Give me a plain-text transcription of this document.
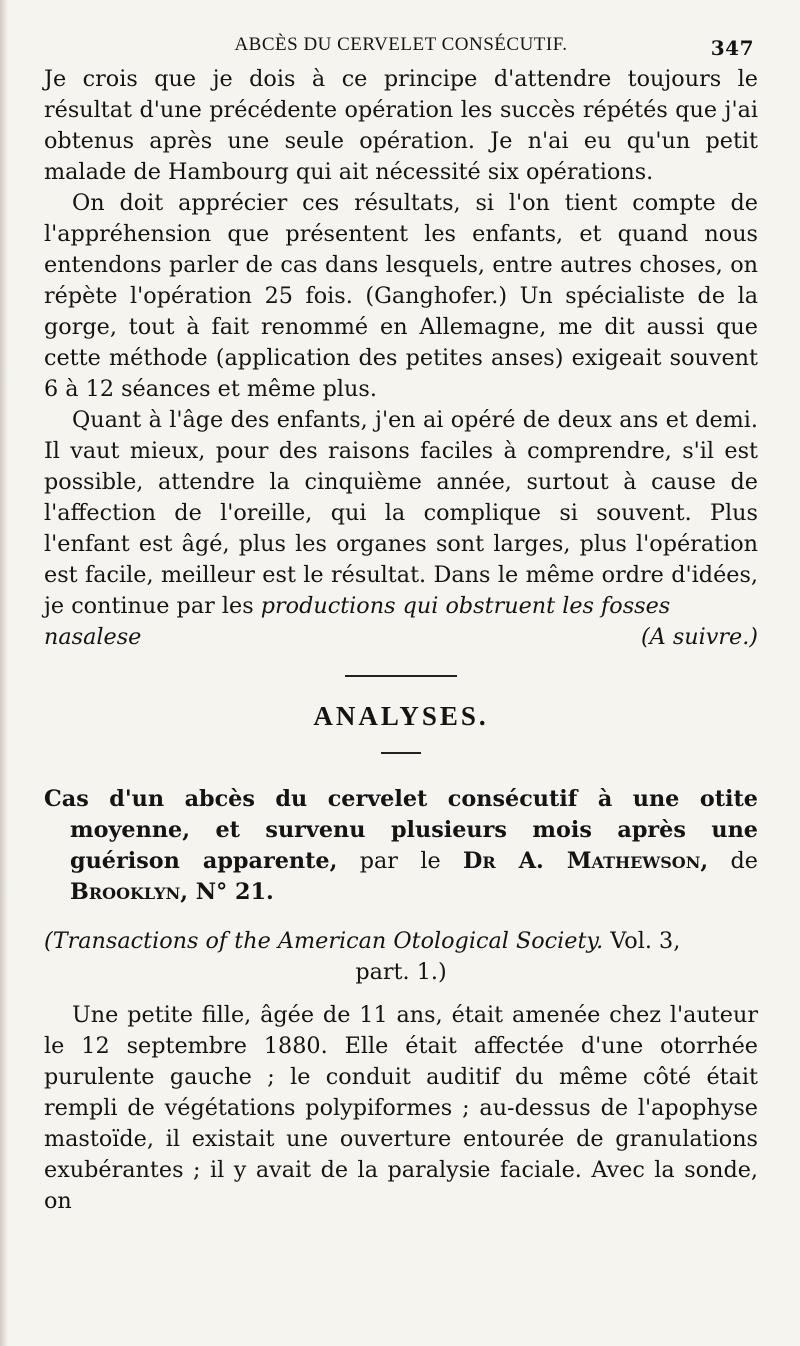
ABCÈS DU CERVELET CONSÉCUTIF.	347

Je crois que je dois à ce principe d'attendre toujours le résultat d'une précédente opération les succès répétés que j'ai obtenus après une seule opération. Je n'ai eu qu'un petit malade de Hambourg qui ait nécessité six opérations.

On doit apprécier ces résultats, si l'on tient compte de l'appréhension que présentent les enfants, et quand nous entendons parler de cas dans lesquels, entre autres choses, on répète l'opération 25 fois. (Ganghofer.) Un spécialiste de la gorge, tout à fait renommé en Allemagne, me dit aussi que cette méthode (application des petites anses) exigeait souvent 6 à 12 séances et même plus.

Quant à l'âge des enfants, j'en ai opéré de deux ans et demi. Il vaut mieux, pour des raisons faciles à comprendre, s'il est possible, attendre la cinquième année, surtout à cause de l'affection de l'oreille, qui la complique si souvent. Plus l'enfant est âgé, plus les organes sont larges, plus l'opération est facile, meilleur est le résultat. Dans le même ordre d'idées, je continue par les productions qui obstruent les fosses

nasalese	(A suivre.)
ANALYSES.

Cas d'un abcès du cervelet consécutif à une otite moyenne, et survenu plusieurs mois après une guérison apparente, par le Dr A. Mathewson, de Brooklyn, N° 21.

(Transactions of the American Otological Society. Vol. 3,
part. 1.)

Une petite fille, âgée de 11 ans, était amenée chez l'auteur le 12 septembre 1880. Elle était affectée d'une otorrhée purulente gauche ; le conduit auditif du même côté était rempli de végétations polypiformes ; au-dessus de l'apophyse mastoïde, il existait une ouverture entourée de granulations exubérantes ; il y avait de la paralysie faciale. Avec la sonde, on
